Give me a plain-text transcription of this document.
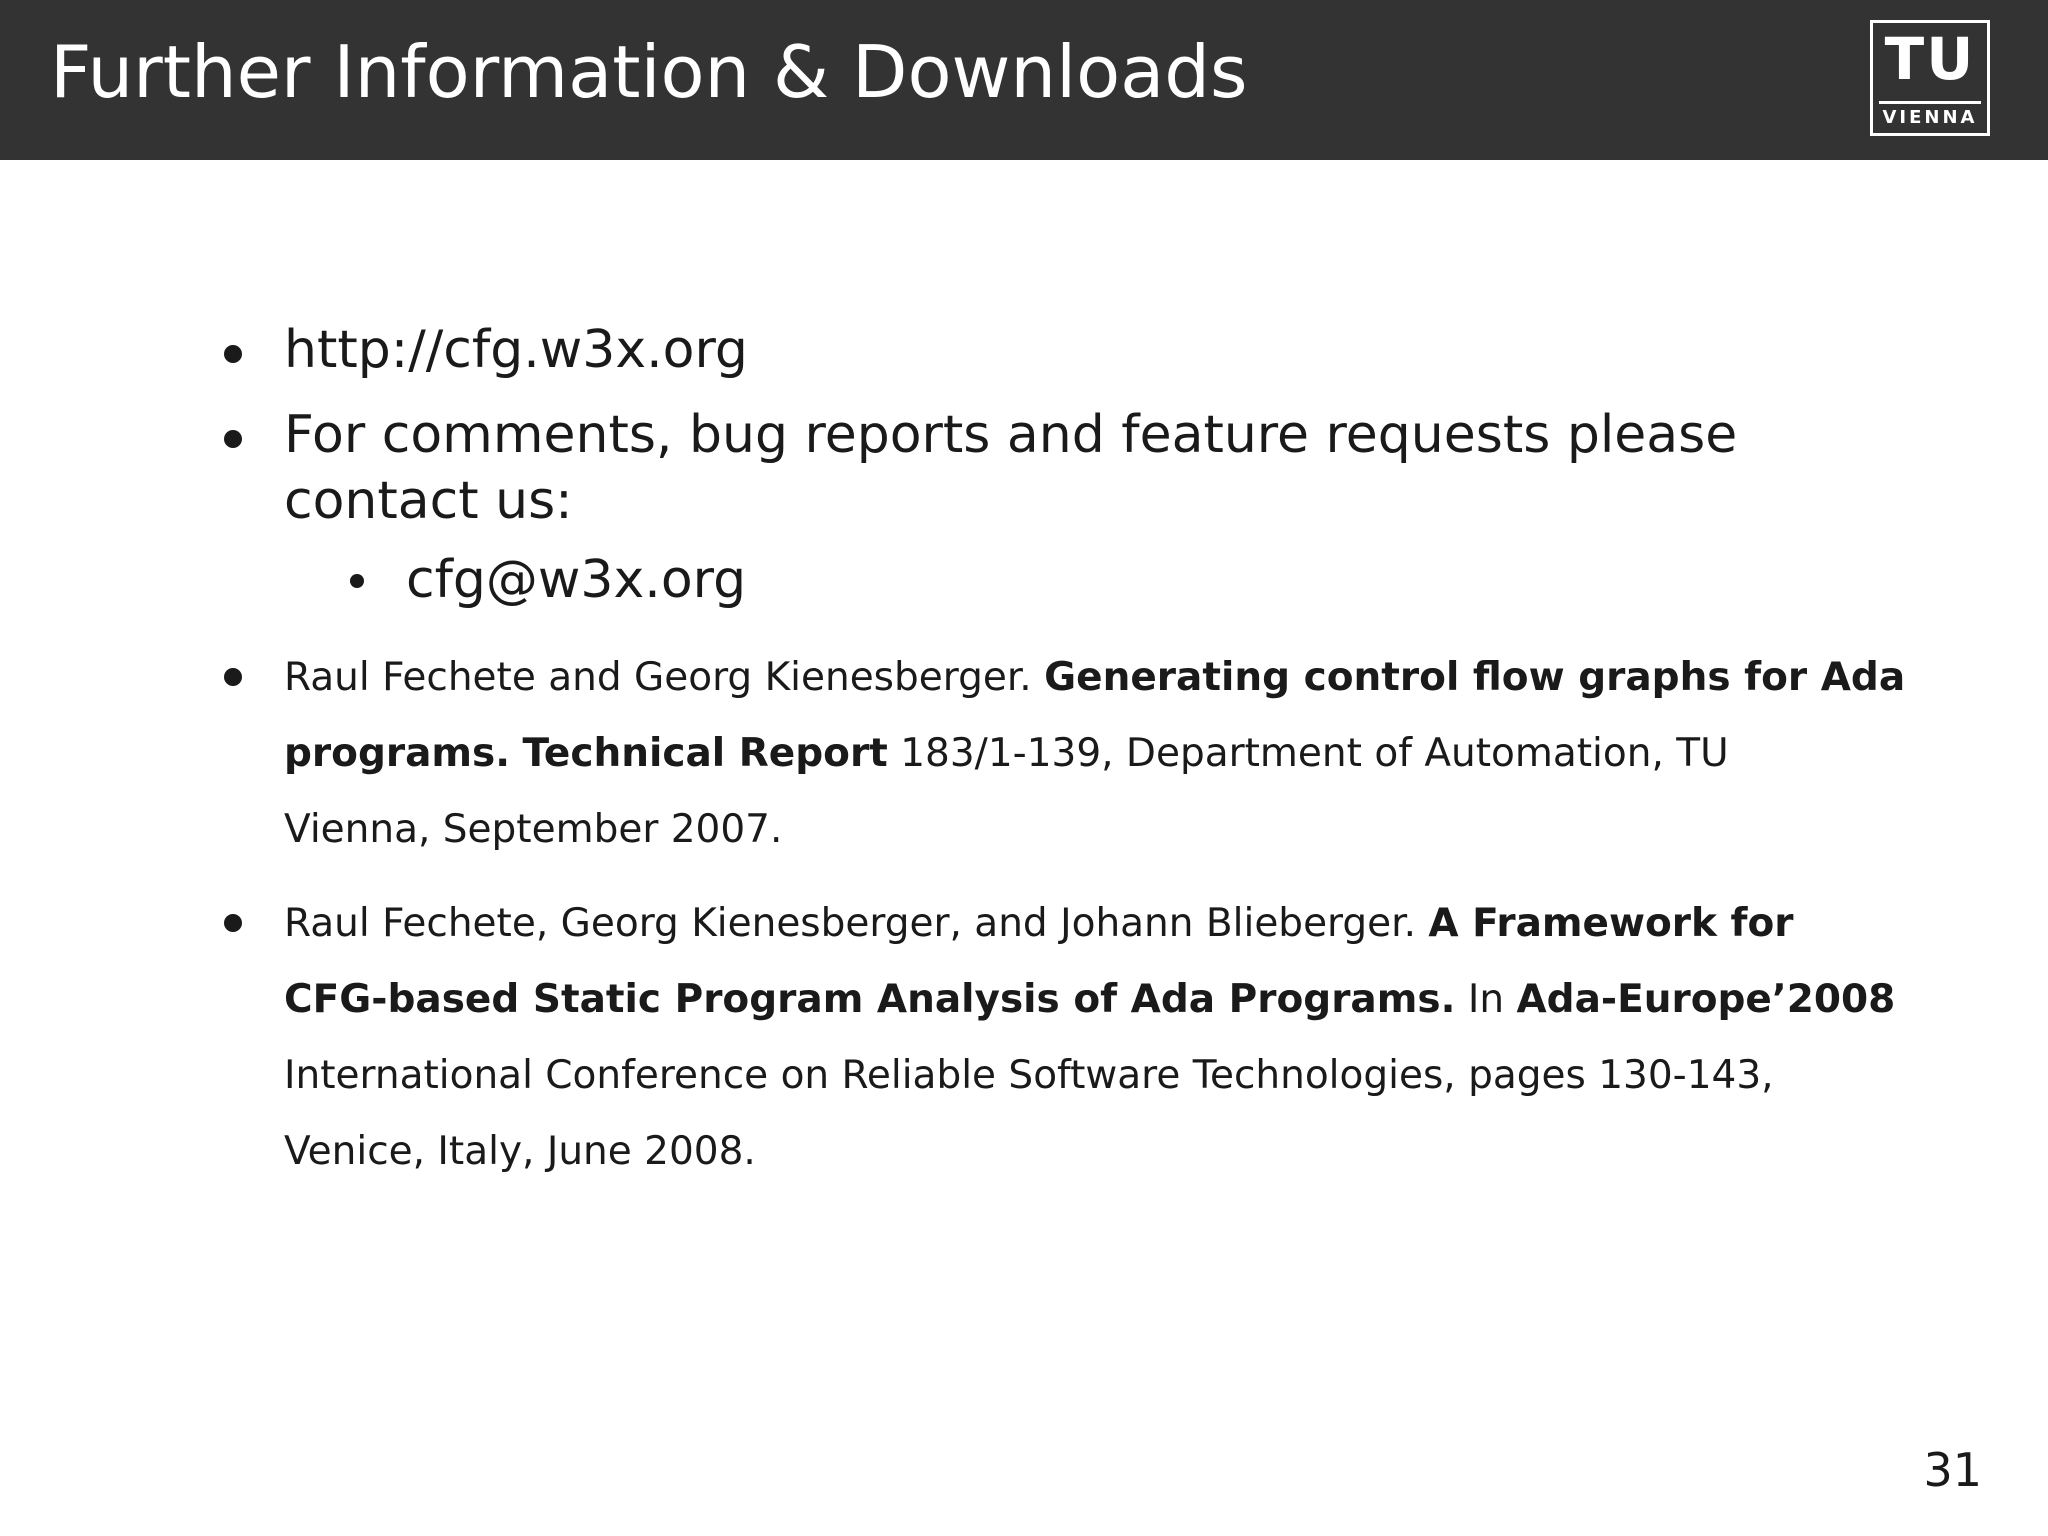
Further Information & Downloads	TU
VIENNA
http://cfg.w3x.org
For comments, bug reports and feature requests please
contact us:
cfg@w3x.org
Raul Fechete and Georg Kienesberger. Generating control flow graphs for Ada
programs. Technical Report 183/1-139, Department of Automation, TU
Vienna, September 2007.
Raul Fechete, Georg Kienesberger, and Johann Blieberger. A Framework for
CFG-based Static Program Analysis of Ada Programs. In Ada-Europe’2008
International Conference on Reliable Software Technologies, pages 130-143,
Venice, Italy, June 2008.
31
